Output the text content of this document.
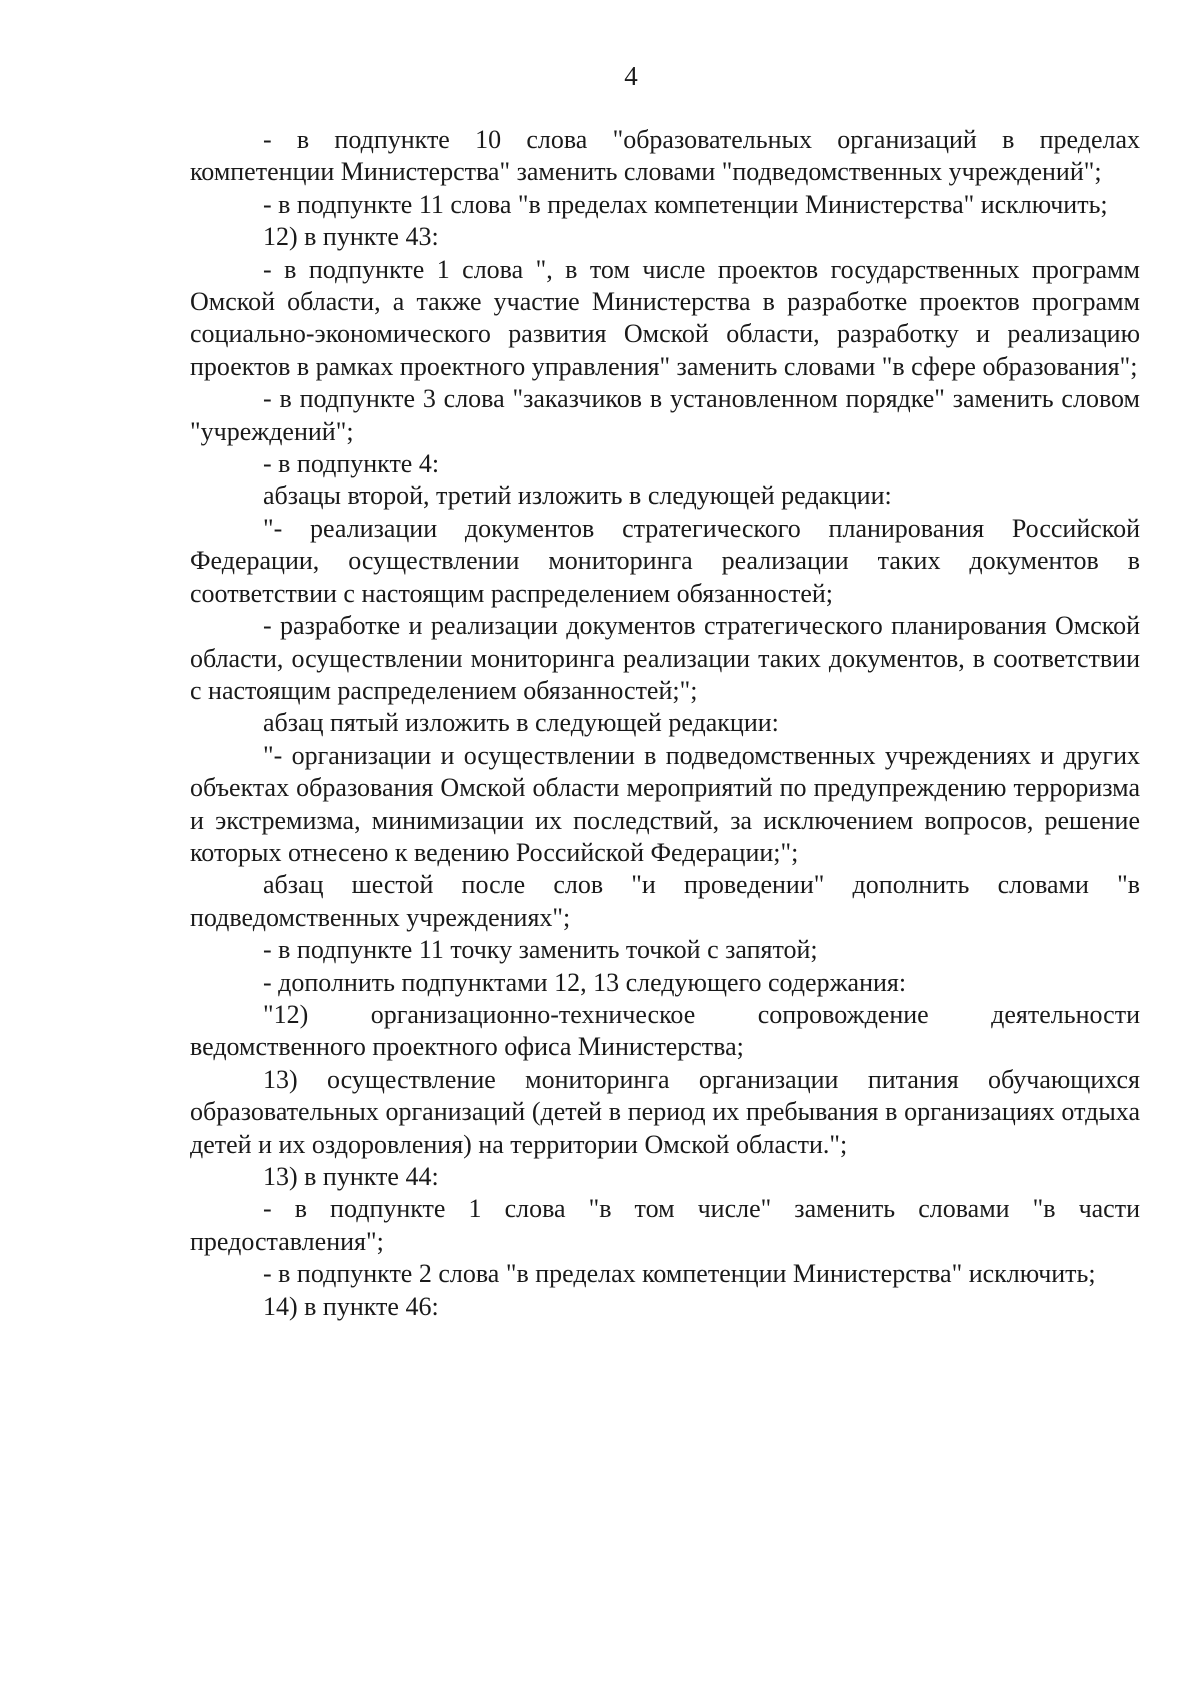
4

- в подпункте 10 слова "образовательных организаций в пределах компетенции Министерства" заменить словами "подведомственных учреждений";

- в подпункте 11 слова "в пределах компетенции Министерства" исключить;

12) в пункте 43:

- в подпункте 1 слова ", в том числе проектов государственных программ Омской области, а также участие Министерства в разработке проектов программ социально-экономического развития Омской области, разработку и реализацию проектов в рамках проектного управления" заменить словами "в сфере образования";

- в подпункте 3 слова "заказчиков в установленном порядке" заменить словом "учреждений";

- в подпункте 4:

абзацы второй, третий изложить в следующей редакции:

"- реализации документов стратегического планирования Российской Федерации, осуществлении мониторинга реализации таких документов в соответствии с настоящим распределением обязанностей;

- разработке и реализации документов стратегического планирования Омской области, осуществлении мониторинга реализации таких документов, в соответствии с настоящим распределением обязанностей;";

абзац пятый изложить в следующей редакции:

"- организации и осуществлении в подведомственных учреждениях и других объектах образования Омской области мероприятий по предупреждению терроризма и экстремизма, минимизации их последствий, за исключением вопросов, решение которых отнесено к ведению Российской Федерации;";

абзац шестой после слов "и проведении" дополнить словами "в подведомственных учреждениях";

- в подпункте 11 точку заменить точкой с запятой;

- дополнить подпунктами 12, 13 следующего содержания:

"12) организационно-техническое сопровождение деятельности ведомственного проектного офиса Министерства;

13) осуществление мониторинга организации питания обучающихся образовательных организаций (детей в период их пребывания в организациях отдыха детей и их оздоровления) на территории Омской области.";

13) в пункте 44:

- в подпункте 1 слова "в том числе" заменить словами "в части предоставления";

- в подпункте 2 слова "в пределах компетенции Министерства" исключить;

14) в пункте 46:
